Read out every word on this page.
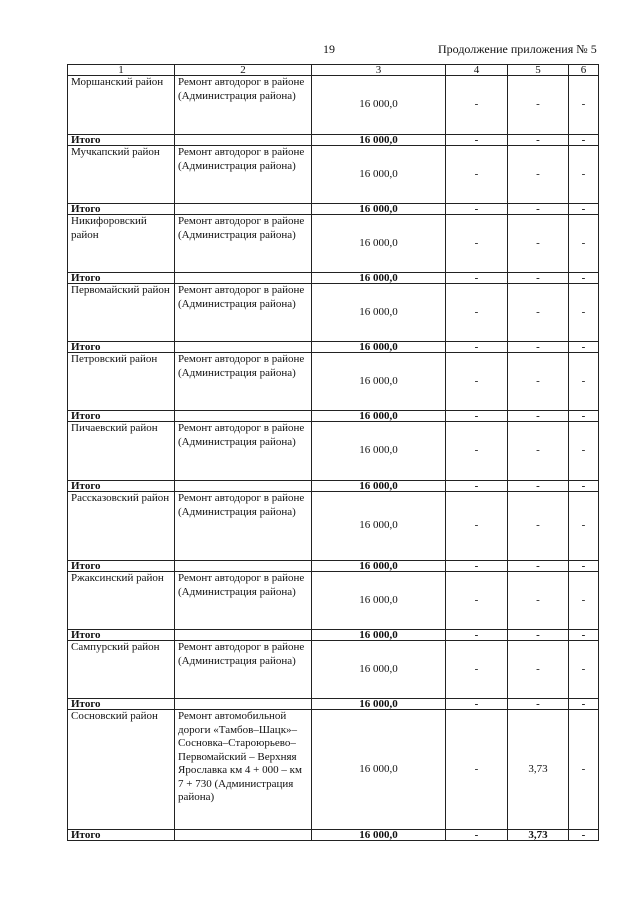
19	Продолжение приложения № 5
1	2	3	4	5	6
Моршанский район	Ремонт автодорог в районе (Администрация района)	16 000,0	-	-	-
Итого		16 000,0	-	-	-
Мучкапский район	Ремонт автодорог в районе (Администрация района)	16 000,0	-	-	-
Итого		16 000,0	-	-	-
Никифоровский район	Ремонт автодорог в районе (Администрация района)	16 000,0	-	-	-
Итого		16 000,0	-	-	-
Первомайский район	Ремонт автодорог в районе (Администрация района)	16 000,0	-	-	-
Итого		16 000,0	-	-	-
Петровский район	Ремонт автодорог в районе (Администрация района)	16 000,0	-	-	-
Итого		16 000,0	-	-	-
Пичаевский район	Ремонт автодорог в районе (Администрация района)	16 000,0	-	-	-
Итого		16 000,0	-	-	-
Рассказовский район	Ремонт автодорог в районе (Администрация района)	16 000,0	-	-	-
Итого		16 000,0	-	-	-
Ржаксинский район	Ремонт автодорог в районе (Администрация района)	16 000,0	-	-	-
Итого		16 000,0	-	-	-
Сампурский район	Ремонт автодорог в районе (Администрация района)	16 000,0	-	-	-
Итого		16 000,0	-	-	-
Сосновский район	Ремонт автомобильной дороги «Тамбов–Шацк»–Сосновка–Староюрьево–Первомайский – Верхняя Ярославка км 4 + 000 – км 7 + 730 (Администрация района)	16 000,0	-	3,73	-
Итого		16 000,0	-	3,73	-
